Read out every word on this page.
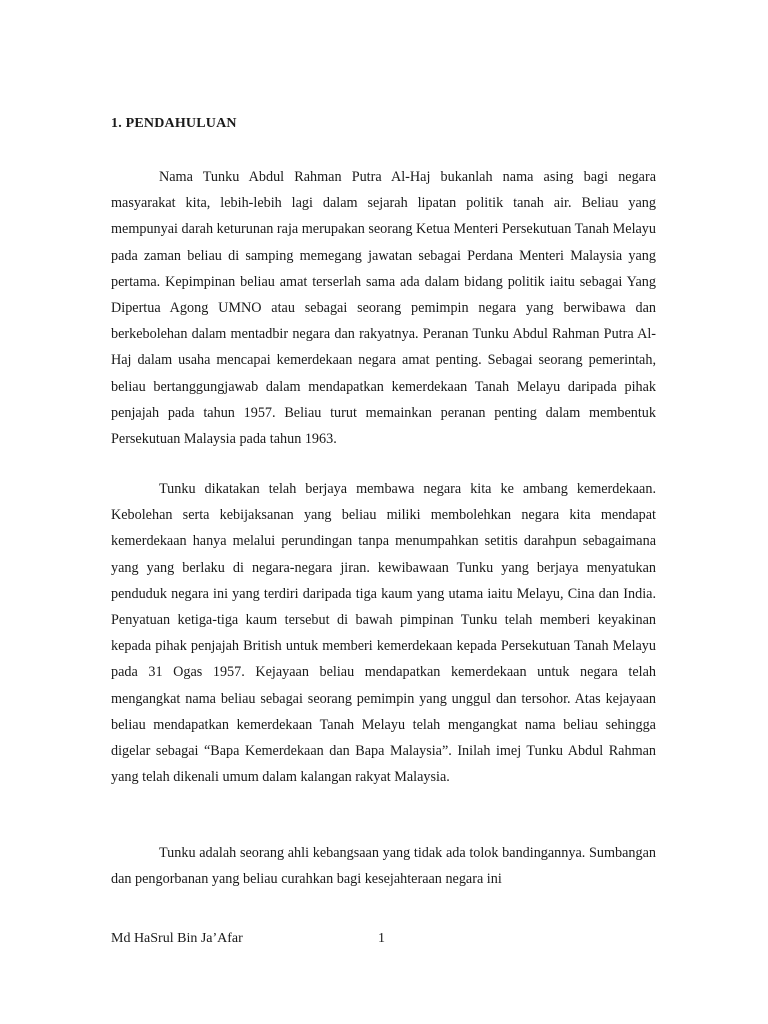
1. PENDAHULUAN

Nama Tunku Abdul Rahman Putra Al-Haj bukanlah nama asing bagi negara masyarakat kita, lebih-lebih lagi dalam sejarah lipatan politik tanah air. Beliau yang mempunyai darah keturunan raja merupakan seorang Ketua Menteri Persekutuan Tanah Melayu pada zaman beliau di samping memegang jawatan sebagai Perdana Menteri Malaysia yang pertama. Kepimpinan beliau amat terserlah sama ada dalam bidang politik iaitu sebagai Yang Dipertua Agong UMNO atau sebagai seorang pemimpin negara yang berwibawa dan berkebolehan dalam mentadbir negara dan rakyatnya. Peranan Tunku Abdul Rahman Putra Al-Haj dalam usaha mencapai kemerdekaan negara amat penting. Sebagai seorang pemerintah, beliau bertanggungjawab dalam mendapatkan kemerdekaan Tanah Melayu daripada pihak penjajah pada tahun 1957. Beliau turut memainkan peranan penting dalam membentuk Persekutuan Malaysia pada tahun 1963.

Tunku dikatakan telah berjaya membawa negara kita ke ambang kemerdekaan. Kebolehan serta kebijaksanan yang beliau miliki membolehkan negara kita mendapat kemerdekaan hanya melalui perundingan tanpa menumpahkan setitis darahpun sebagaimana yang yang berlaku di negara-negara jiran. kewibawaan Tunku yang berjaya menyatukan penduduk negara ini yang terdiri daripada tiga kaum yang utama iaitu Melayu, Cina dan India. Penyatuan ketiga-tiga kaum tersebut di bawah pimpinan Tunku telah memberi keyakinan kepada pihak penjajah British untuk memberi kemerdekaan kepada Persekutuan Tanah Melayu pada 31 Ogas 1957. Kejayaan beliau mendapatkan kemerdekaan untuk negara telah mengangkat nama beliau sebagai seorang pemimpin yang unggul dan tersohor. Atas kejayaan beliau mendapatkan kemerdekaan Tanah Melayu telah mengangkat nama beliau sehingga digelar sebagai “Bapa Kemerdekaan dan Bapa Malaysia”. Inilah imej Tunku Abdul Rahman yang telah dikenali umum dalam kalangan rakyat Malaysia.

Tunku adalah seorang ahli kebangsaan yang tidak ada tolok bandingannya. Sumbangan dan pengorbanan yang beliau curahkan bagi kesejahteraan negara ini

Md HaSrul Bin Ja’Afar	1
